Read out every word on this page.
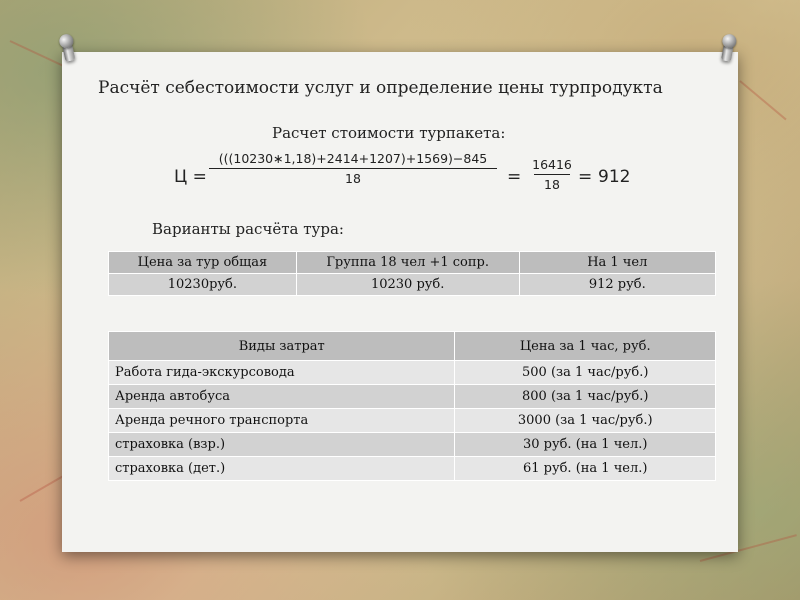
Расчёт себестоимости услуг и определение цены турпродукта
Расчет стоимости турпакета:
Ц =
(((10230∗1,18)+2414+1207)+1569)−845
18	=
16416
18 = 912
Варианты расчёта тура:
Цена за тур общая	Группа 18 чел +1 сопр.	На 1 чел
10230руб.	10230 руб.	912 руб.
Виды затрат	Цена за 1 час, руб.
Работа гида-экскурсовода	500 (за 1 час/руб.)
Аренда автобуса	800 (за 1 час/руб.)
Аренда речного транспорта	3000 (за 1 час/руб.)
страховка (взр.)	30 руб. (на 1 чел.)
страховка (дет.)	61 руб. (на 1 чел.)
